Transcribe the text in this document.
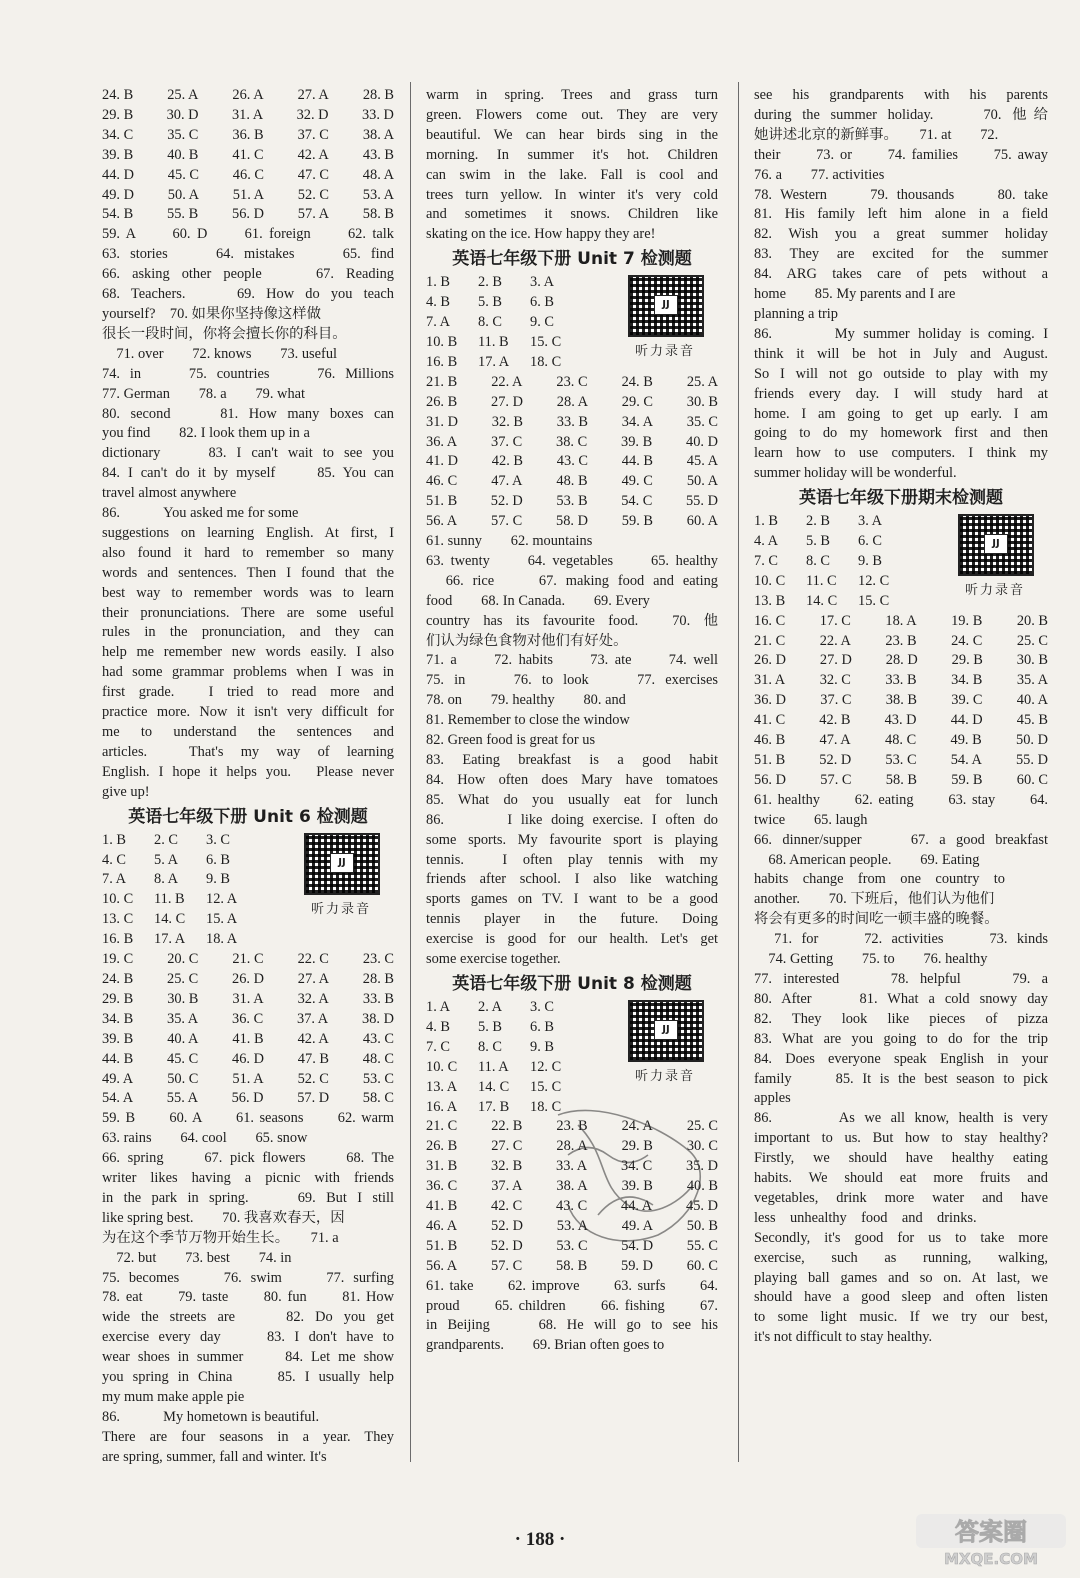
24. B 25. A 26. A 27. A 28. B
29. B 30. D 31. A 32. D 33. D
34. C 35. C 36. B 37. C 38. A
39. B 40. B 41. C 42. A 43. B
44. D 45. C 46. C 47. C 48. A
49. D 50. A 51. A 52. C 53. A
54. B 55. B 56. D 57. A 58. B
59. A　　60. D　　61. foreign　　62. talk
63. stories　　64. mistakes　　65. find
66. asking other people　　67. Reading
68. Teachers.　　69. How do you teach
yourself?　70. 如果你坚持像这样做
很长一段时间，你将会擅长你的科目。
　71. over　　72. knows　　73. useful
74. in　　75. countries　　76. Millions
77. German　　78. a　　79. what
80. second　　81. How many boxes can
you find　　82. I look them up in a
dictionary　　83. I can't wait to see you
84. I can't do it by myself　　85. You can
travel almost anywhere
86.　　　You asked me for some
suggestions on learning English. At first, I
also found it hard to remember so many
words and sentences. Then I found that the
best way to remember words was to learn
their pronunciations. There are some useful
rules in the pronunciation, and they can
help me remember new words easily. I also
had some grammar problems when I was in
first grade.　I tried to read more and
practice more. Now it isn't very difficult for
me to understand the sentences and
articles.　That's my way of learning
English. I hope it helps you.　Please never
give up!
英语七年级下册 Unit 6 检测题
1. B	2. C	3. C
4. C	5. A	6. B
7. A	8. A	9. B
10. C	11. B	12. A
13. C	14. C	15. A
16. B	17. A	18. A
JJ
听力录音
19. C 20. C 21. C 22. C 23. C
24. B 25. C 26. D 27. A 28. B
29. B 30. B 31. A 32. A 33. B
34. B 35. A 36. C 37. A 38. D
39. B 40. A 41. B 42. A 43. C
44. B 45. C 46. D 47. B 48. C
49. A 50. C 51. A 52. C 53. C
54. A 55. A 56. D 57. D 58. C
59. B　　60. A　　61. seasons　　62. warm
63. rains　　64. cool　　65. snow
66. spring　　67. pick flowers　　68. The
writer likes having a picnic with friends
in the park in spring.　　69. But I still
like spring best.　　70. 我喜欢春天，因
为在这个季节万物开始生长。　　71. a
　72. but　　73. best　　74. in
75. becomes　　76. swim　　77. surfing
78. eat　　79. taste　　80. fun　　81. How
wide the streets are　　82. Do you get
exercise every day　　83. I don't have to
wear shoes in summer　　84. Let me show
you spring in China　　85. I usually help
my mum make apple pie
86.　　　My hometown is beautiful.
There are four seasons in a year. They
are spring, summer, fall and winter. It's
warm in spring. Trees and grass turn
green. Flowers come out. They are very
beautiful. We can hear birds sing in the
morning. In summer it's hot. Children
can swim in the lake. Fall is cool and
trees turn yellow. In winter it's very cold
and sometimes it snows. Children like
skating on the ice. How happy they are!
英语七年级下册 Unit 7 检测题
1. B	2. B	3. A
4. B	5. B	6. B
7. A	8. C	9. C
10. B	11. B	15. C
16. B	17. A	18. C
JJ
听力录音
21. B 22. A 23. C 24. B 25. A
26. B 27. D 28. A 29. C 30. B
31. D 32. B 33. B 34. A 35. C
36. A 37. C 38. C 39. B 40. D
41. D 42. B 43. C 44. B 45. A
46. C 47. A 48. B 49. C 50. A
51. B 52. D 53. B 54. C 55. D
56. A 57. C 58. D 59. B 60. A
61. sunny　　62. mountains
63. twenty　　64. vegetables　　65. healthy
　66. rice　　67. making food and eating
food　　68. In Canada.　　69. Every
country has its favourite food.　70. 他
们认为绿色食物对他们有好处。
71. a　　72. habits　　73. ate　　74. well
75. in　　76. to look　　77. exercises
78. on　　79. healthy　　80. and
81. Remember to close the window
82. Green food is great for us
83. Eating breakfast is a good habit
84. How often does Mary have tomatoes
85. What do you usually eat for lunch
86.　　　I like doing exercise. I often do
some sports. My favourite sport is playing
tennis.　I often play tennis with my
friends after school. I also like watching
sports games on TV. I want to be a good
tennis　player　in　the　future.　Doing
exercise is good for our health. Let's get
some exercise together.
英语七年级下册 Unit 8 检测题
1. A	2. A	3. C
4. B	5. B	6. B
7. C	8. C	9. B
10. C	11. A	12. C
13. A	14. C	15. C
16. A	17. B	18. C
JJ
听力录音
21. C 22. B 23. B 24. A 25. C
26. B 27. C 28. A 29. B 30. C
31. B 32. B 33. A 34. C 35. D
36. C 37. A 38. A 39. B 40. B
41. B 42. C 43. C 44. A 45. D
46. A 52. D 53. A 49. A 50. B
51. B 52. D 53. C 54. D 55. C
56. A 57. C 58. B 59. D 60. C
61. take　　62. improve　　63. surfs　　64.
proud　　65. children　　66. fishing　　67.
in Beijing　　68. He will go to see his
grandparents.　　69. Brian often goes to
see his grandparents with his parents
during the summer holiday.　　70. 他给
她讲述北京的新鲜事。　　71. at　　72.
their　　73. or　　74. families　　75. away
76. a　　77. activities
78. Western　　79. thousands　　80. take
81. His family left him alone in a field
82. Wish you a great summer holiday
83. They are excited for the summer
84. ARG takes care of pets without a
home　　85. My parents and I are
planning a trip
86.　　　My summer holiday is coming. I
think it will be hot in July and August.
So I will not go outside to play with my
friends every day. I will study hard at
home. I am going to get up early. I am
going to do my homework first and then
learn how to use computers. I think my
summer holiday will be wonderful.
英语七年级下册期末检测题
1. B	2. B	3. A
4. A	5. B	6. C
7. C	8. C	9. B
10. C	11. C	12. C
13. B	14. C	15. C
JJ
听力录音
16. C 17. C 18. A 19. B 20. B
21. C 22. A 23. B 24. C 25. C
26. D 27. D 28. D 29. B 30. B
31. A 32. C 33. B 34. B 35. A
36. D 37. C 38. B 39. C 40. A
41. C 42. B 43. D 44. D 45. B
46. B 47. A 48. C 49. B 50. D
51. B 52. D 53. C 54. A 55. D
56. D 57. C 58. B 59. B 60. C
61. healthy　　62. eating　　63. stay　　64.
twice　　65. laugh
66. dinner/supper　　67. a good breakfast
　68. American people.　　69. Eating
habits　change　from　one　country　to
another.　　70. 下班后，他们认为他们
将会有更多的时间吃一顿丰盛的晚餐。
　71. for　　72. activities　　73. kinds
　74. Getting　　75. to　　76. healthy
77. interested　　78. helpful　　79. a
80. After　　81. What a cold snowy day
82. They look like pieces of pizza
83. What are you going to do for the trip
84. Does everyone speak English in your
family　　85. It is the best season to pick
apples
86.　　　As we all know, health is very
important to us. But how to stay healthy?
Firstly, we should have healthy eating
habits. We should eat more fruits and
vegetables, drink more water and have
less　unhealthy　food　and　drinks.
Secondly, it's good for us to take more
exercise,　such　as　running,　walking,
playing ball games and so on. At last, we
should have a good sleep and often listen
to some light music. If we try our best,
it's not difficult to stay healthy.
· 188 ·	答案圈
MXQE.COM
